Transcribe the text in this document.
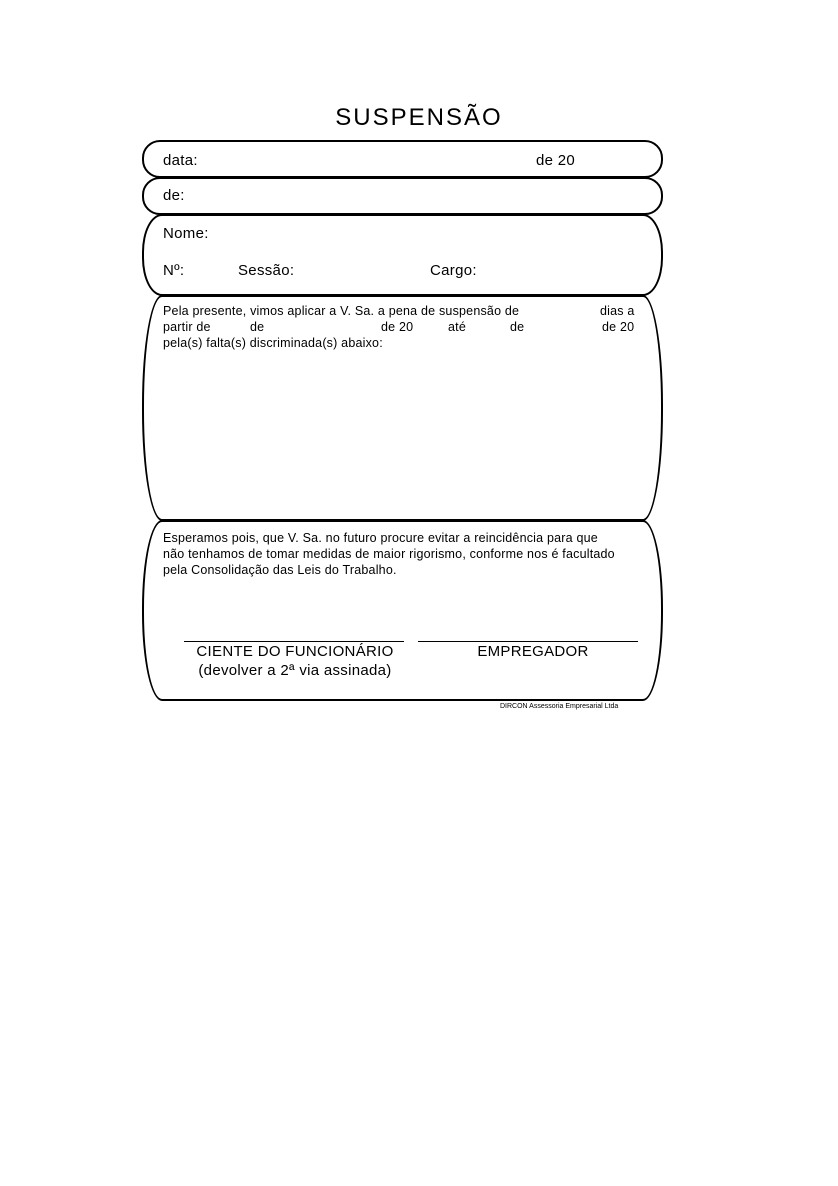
SUSPENSÃO
data:	de 20
de:
Nome:
Nº:	Sessão:	Cargo:
Pela presente, vimos aplicar a V. Sa. a pena de suspensão de	dias a
partir de	de	de 20	até	de	de 20
pela(s) falta(s) discriminada(s) abaixo:
Esperamos pois, que V. Sa. no futuro procure evitar a reincidência para que
não tenhamos de tomar medidas de maior rigorismo, conforme nos é facultado
pela Consolidação das Leis do Trabalho.
CIENTE DO FUNCIONÁRIO
(devolver a 2ª via assinada)
EMPREGADOR
DIRCON Assessoria Empresarial Ltda
